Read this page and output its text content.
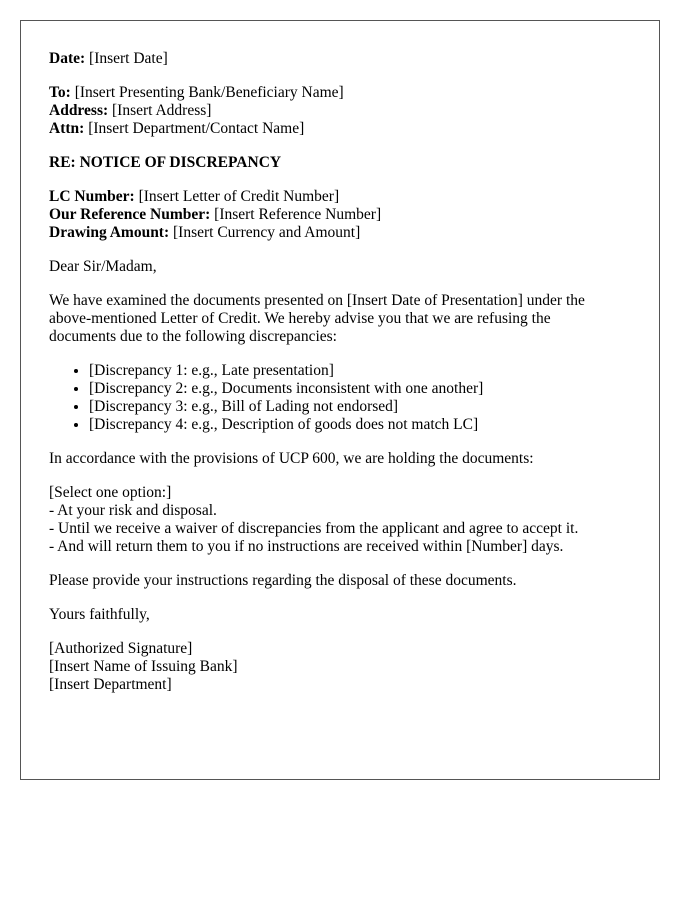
Date: [Insert Date]

To: [Insert Presenting Bank/Beneficiary Name]

Address: [Insert Address]

Attn: [Insert Department/Contact Name]

RE: NOTICE OF DISCREPANCY

LC Number: [Insert Letter of Credit Number]

Our Reference Number: [Insert Reference Number]

Drawing Amount: [Insert Currency and Amount]

Dear Sir/Madam,

We have examined the documents presented on [Insert Date of Presentation] under the

above-mentioned Letter of Credit. We hereby advise you that we are refusing the

documents due to the following discrepancies:

• [Discrepancy 1: e.g., Late presentation]
• [Discrepancy 2: e.g., Documents inconsistent with one another]
• [Discrepancy 3: e.g., Bill of Lading not endorsed]
• [Discrepancy 4: e.g., Description of goods does not match LC]

In accordance with the provisions of UCP 600, we are holding the documents:

[Select one option:]

- At your risk and disposal.

- Until we receive a waiver of discrepancies from the applicant and agree to accept it.

- And will return them to you if no instructions are received within [Number] days.

Please provide your instructions regarding the disposal of these documents.

Yours faithfully,

[Authorized Signature]

[Insert Name of Issuing Bank]

[Insert Department]
